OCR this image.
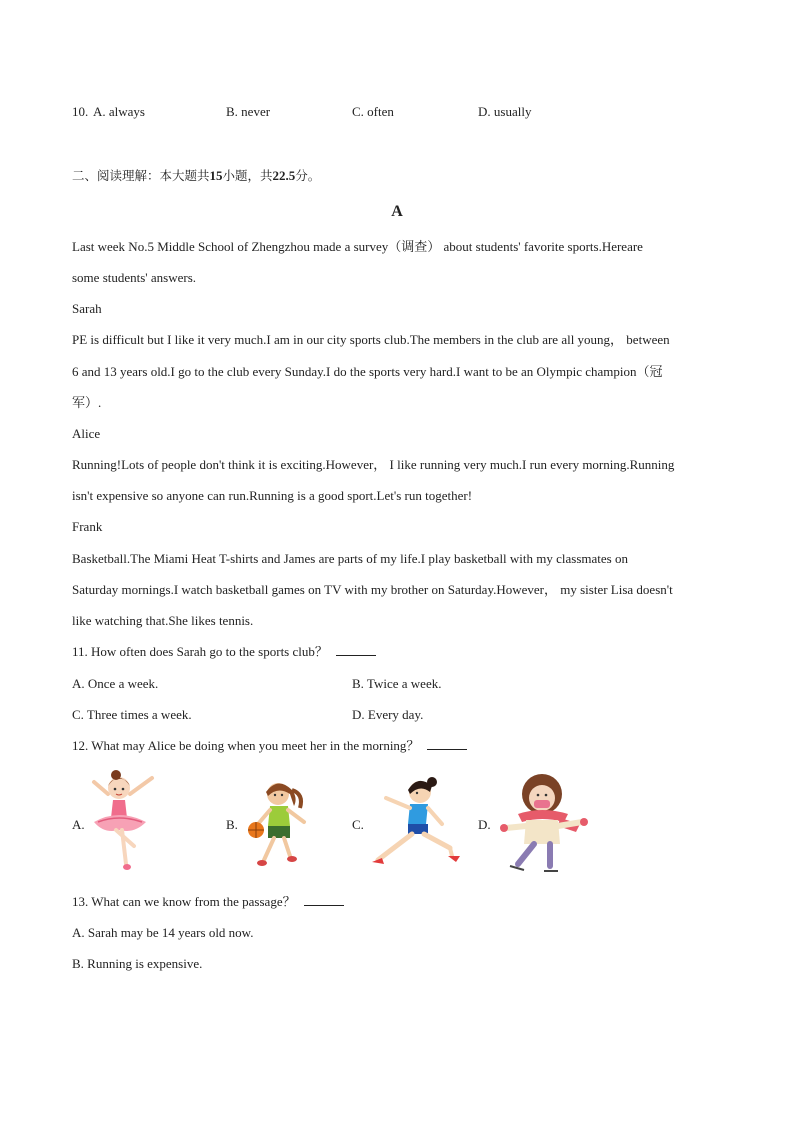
10. A. always	B. never	C. often	D. usually
二、阅读理解：本大题共15小题，共22.5分。
A
Last week No.5 Middle School of Zhengzhou made a survey（调查） about students' favorite sports.Hereare
some students' answers.
Sarah
PE is difficult but I like it very much.I am in our city sports club.The members in the club are all young， between
6 and 13 years old.I go to the club every Sunday.I do the sports very hard.I want to be an Olympic champion（冠
军）.
Alice
Running!Lots of people don't think it is exciting.However， I like running very much.I run every morning.Running
isn't expensive so anyone can run.Running is a good sport.Let's run together!
Frank
Basketball.The Miami Heat T-shirts and James are parts of my life.I play basketball with my classmates on
Saturday mornings.I watch basketball games on TV with my brother on Saturday.However， my sister Lisa doesn't
like watching that.She likes tennis.
11. How often does Sarah go to the sports club？
A. Once a week.	B. Twice a week.
C. Three times a week.	D. Every day.
12. What may Alice be doing when you meet her in the morning？
A.	B.	C.	D.
13. What can we know from the passage？
A. Sarah may be 14 years old now.
B. Running is expensive.
